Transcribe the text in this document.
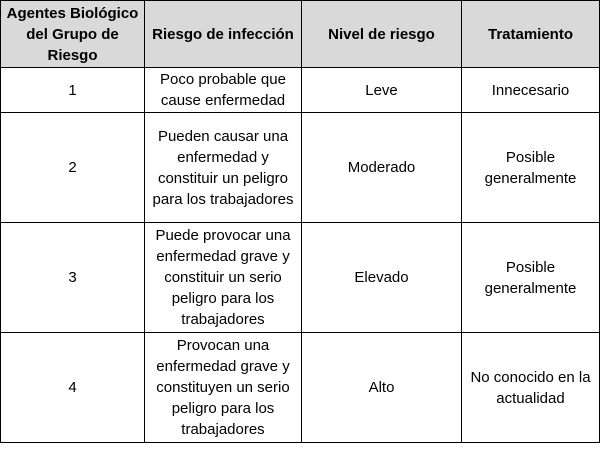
Agentes Biológico del Grupo de Riesgo	Riesgo de infección	Nivel de riesgo	Tratamiento
1	Poco probable que cause enfermedad	Leve	Innecesario
2	Pueden causar una enfermedad y constituir un peligro para los trabajadores	Moderado	Posible generalmente
3	Puede provocar una enfermedad grave y constituir un serio peligro para los trabajadores	Elevado	Posible generalmente
4	Provocan una enfermedad grave y constituyen un serio peligro para los trabajadores	Alto	No conocido en la actualidad
